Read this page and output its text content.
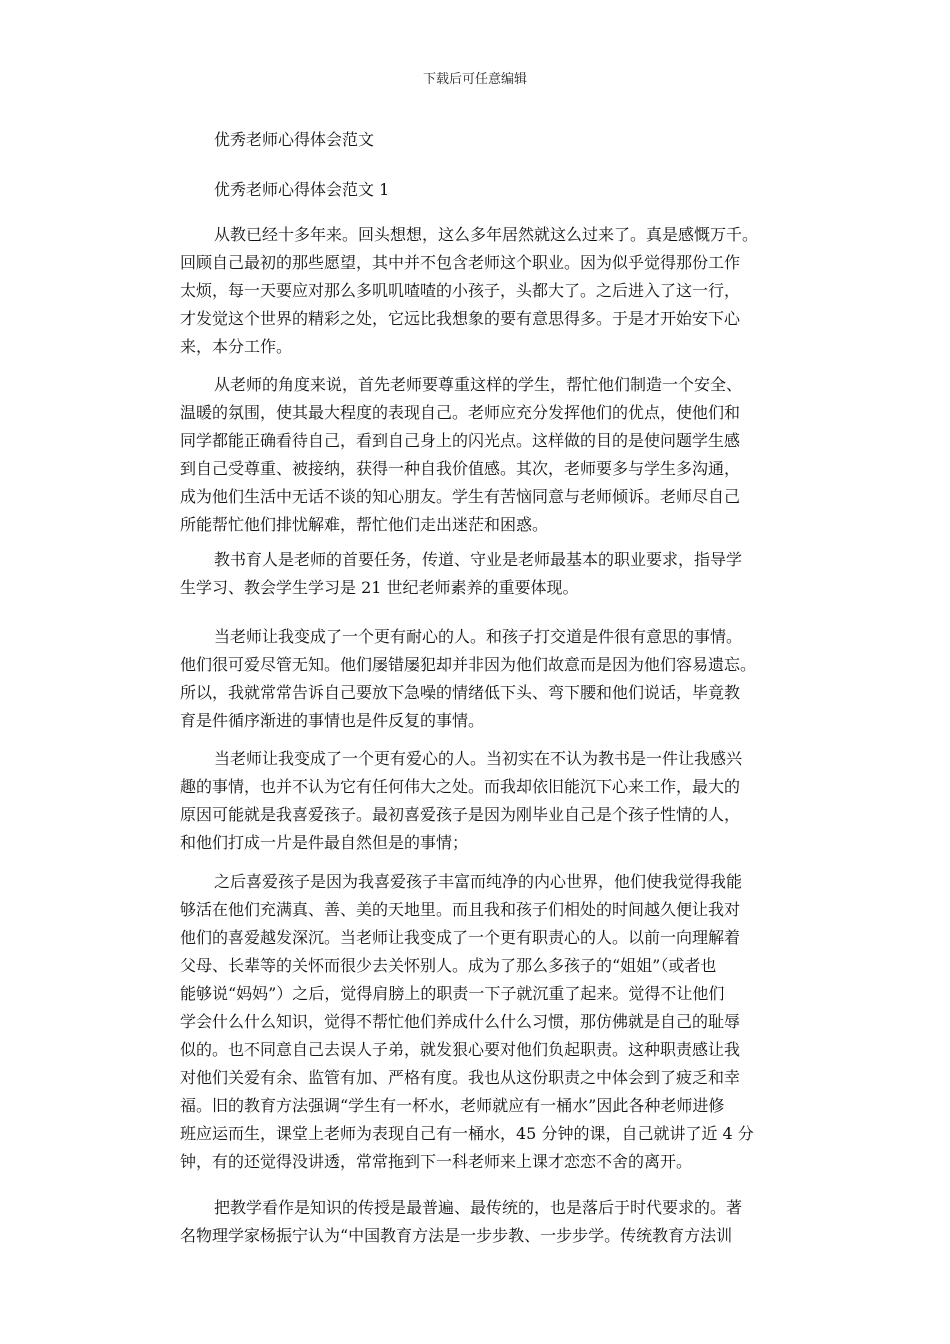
下载后可任意编辑
优秀老师心得体会范文
优秀老师心得体会范文 1
从教已经十多年来。回头想想，这么多年居然就这么过来了。真是感慨万千。
回顾自己最初的那些愿望，其中并不包含老师这个职业。因为似乎觉得那份工作
太烦，每一天要应对那么多叽叽喳喳的小孩子，头都大了。之后进入了这一行，
才发觉这个世界的精彩之处，它远比我想象的要有意思得多。于是才开始安下心
来，本分工作。
从老师的角度来说，首先老师要尊重这样的学生，帮忙他们制造一个安全、
温暖的氛围，使其最大程度的表现自己。老师应充分发挥他们的优点，使他们和
同学都能正确看待自己，看到自己身上的闪光点。这样做的目的是使问题学生感
到自己受尊重、被接纳，获得一种自我价值感。其次，老师要多与学生多沟通，
成为他们生活中无话不谈的知心朋友。学生有苦恼同意与老师倾诉。老师尽自己
所能帮忙他们排忧解难，帮忙他们走出迷茫和困惑。
教书育人是老师的首要任务，传道、守业是老师最基本的职业要求，指导学
生学习、教会学生学习是 21 世纪老师素养的重要体现。
当老师让我变成了一个更有耐心的人。和孩子打交道是件很有意思的事情。
他们很可爱尽管无知。他们屡错屡犯却并非因为他们故意而是因为他们容易遗忘。
所以，我就常常告诉自己要放下急噪的情绪低下头、弯下腰和他们说话，毕竟教
育是件循序渐进的事情也是件反复的事情。
当老师让我变成了一个更有爱心的人。当初实在不认为教书是一件让我感兴
趣的事情，也并不认为它有任何伟大之处。而我却依旧能沉下心来工作，最大的
原因可能就是我喜爱孩子。最初喜爱孩子是因为刚毕业自己是个孩子性情的人，
和他们打成一片是件最自然但是的事情；
之后喜爱孩子是因为我喜爱孩子丰富而纯净的内心世界，他们使我觉得我能
够活在他们充满真、善、美的天地里。而且我和孩子们相处的时间越久便让我对
他们的喜爱越发深沉。当老师让我变成了一个更有职责心的人。以前一向理解着
父母、长辈等的关怀而很少去关怀别人。成为了那么多孩子的“姐姐”（或者也
能够说“妈妈”）之后，觉得肩膀上的职责一下子就沉重了起来。觉得不让他们
学会什么什么知识，觉得不帮忙他们养成什么什么习惯，那仿佛就是自己的耻辱
似的。也不同意自己去误人子弟，就发狠心要对他们负起职责。这种职责感让我
对他们关爱有余、监管有加、严格有度。我也从这份职责之中体会到了疲乏和幸
福。旧的教育方法强调“学生有一杯水，老师就应有一桶水”因此各种老师进修
班应运而生，课堂上老师为表现自己有一桶水，45 分钟的课，自己就讲了近 4 分
钟，有的还觉得没讲透，常常拖到下一科老师来上课才恋恋不舍的离开。
把教学看作是知识的传授是最普遍、最传统的，也是落后于时代要求的。著
名物理学家杨振宁认为“中国教育方法是一步步教、一步步学。传统教育方法训
